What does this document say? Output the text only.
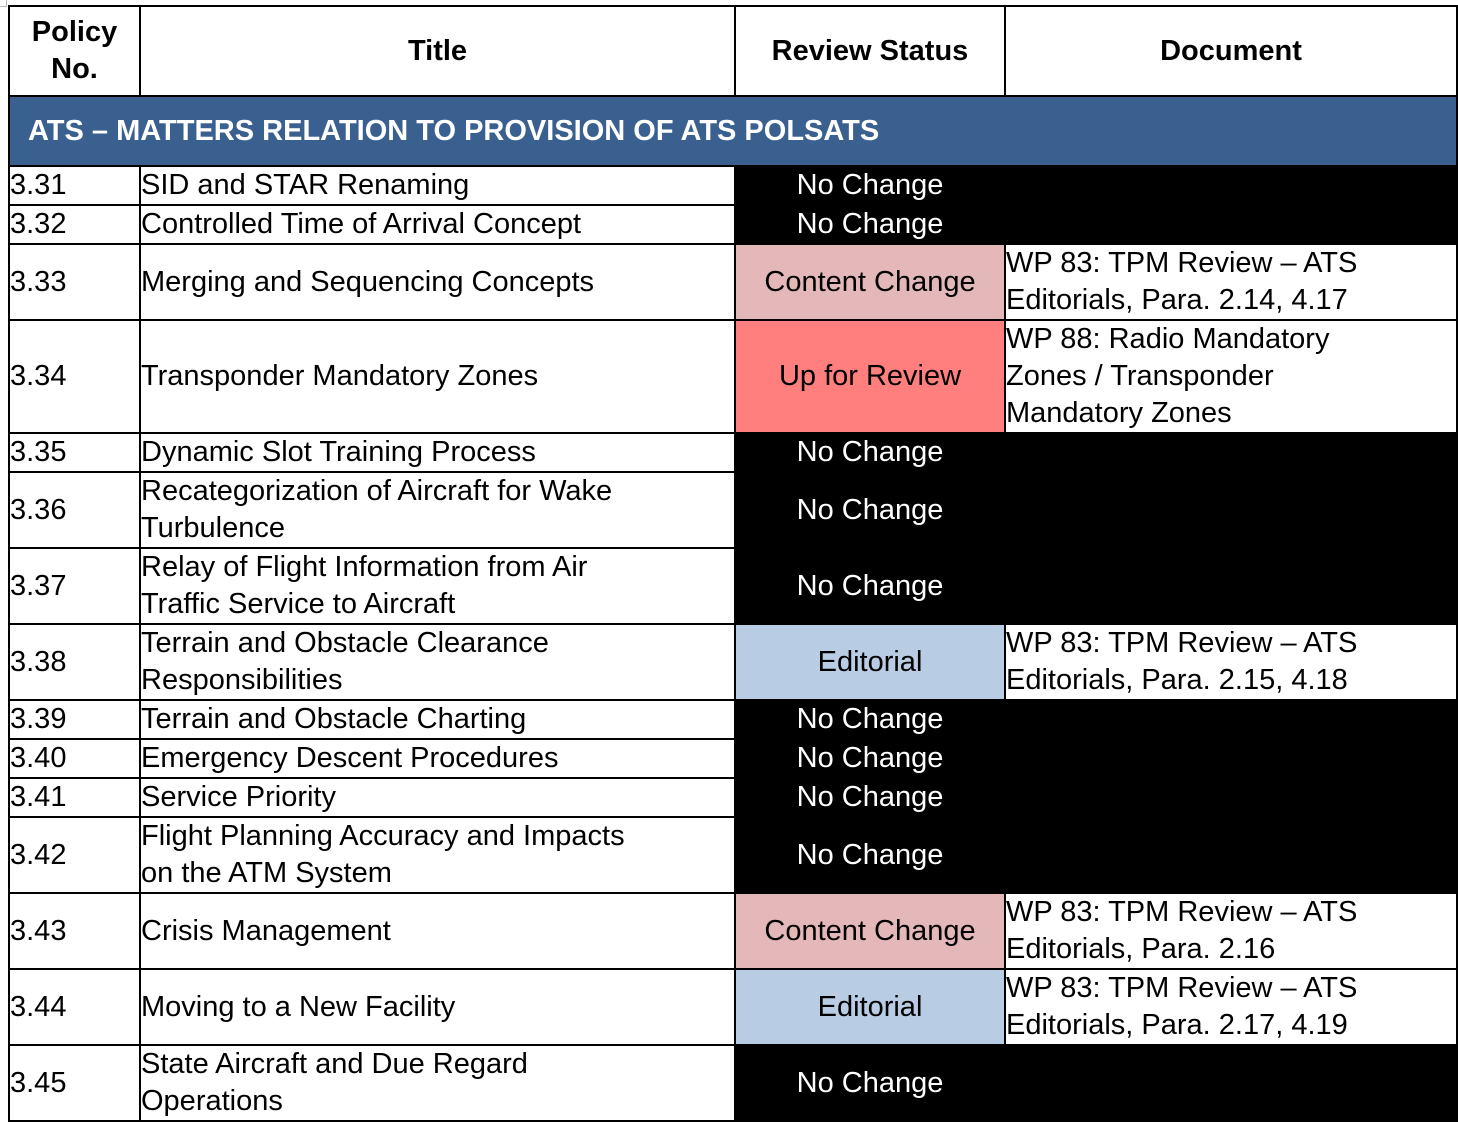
Policy
No.	Title	Review Status	Document
ATS – MATTERS RELATION TO PROVISION OF ATS POLSATS			
3.31	SID and STAR Renaming	No Change	
3.32	Controlled Time of Arrival Concept	No Change	
3.33	Merging and Sequencing Concepts	Content Change	WP 83: TPM Review – ATS
Editorials, Para. 2.14, 4.17
3.34	Transponder Mandatory Zones	Up for Review	WP 88: Radio Mandatory
Zones / Transponder
Mandatory Zones
3.35	Dynamic Slot Training Process	No Change	
3.36	Recategorization of Aircraft for Wake
Turbulence	No Change	
3.37	Relay of Flight Information from Air
Traffic Service to Aircraft	No Change	
3.38	Terrain and Obstacle Clearance
Responsibilities	Editorial	WP 83: TPM Review – ATS
Editorials, Para. 2.15, 4.18
3.39	Terrain and Obstacle Charting	No Change	
3.40	Emergency Descent Procedures	No Change	
3.41	Service Priority	No Change	
3.42	Flight Planning Accuracy and Impacts
on the ATM System	No Change	
3.43	Crisis Management	Content Change	WP 83: TPM Review – ATS
Editorials, Para. 2.16
3.44	Moving to a New Facility	Editorial	WP 83: TPM Review – ATS
Editorials, Para. 2.17, 4.19
3.45	State Aircraft and Due Regard
Operations	No Change	
